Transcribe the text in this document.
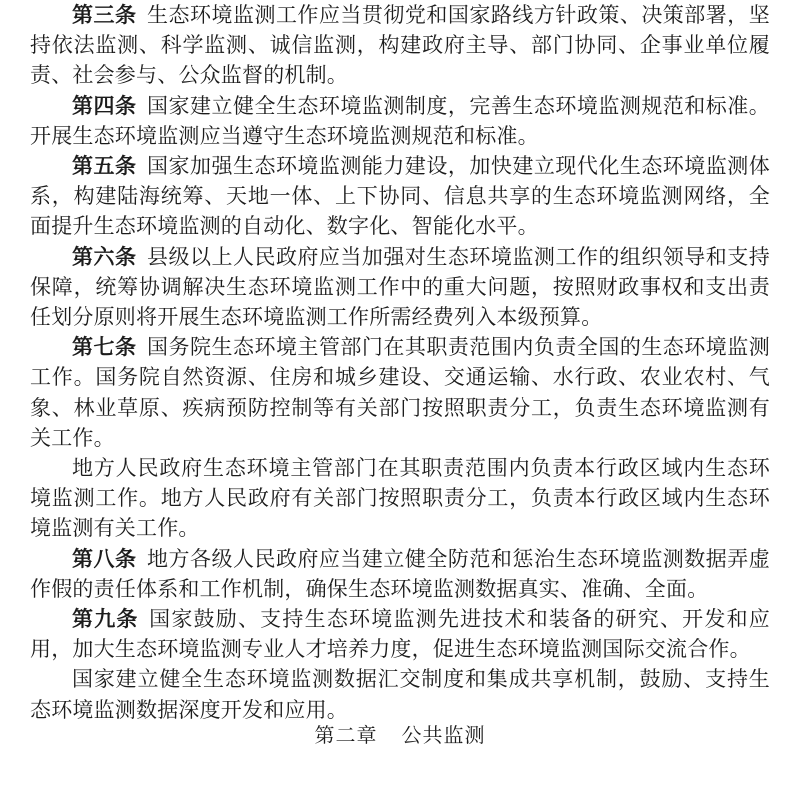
第三条 生态环境监测工作应当贯彻党和国家路线方针政策、决策部署，坚持依法监测、科学监测、诚信监测，构建政府主导、部门协同、企事业单位履责、社会参与、公众监督的机制。

第四条 国家建立健全生态环境监测制度，完善生态环境监测规范和标准。开展生态环境监测应当遵守生态环境监测规范和标准。

第五条 国家加强生态环境监测能力建设，加快建立现代化生态环境监测体系，构建陆海统筹、天地一体、上下协同、信息共享的生态环境监测网络，全面提升生态环境监测的自动化、数字化、智能化水平。

第六条 县级以上人民政府应当加强对生态环境监测工作的组织领导和支持保障，统筹协调解决生态环境监测工作中的重大问题，按照财政事权和支出责任划分原则将开展生态环境监测工作所需经费列入本级预算。

第七条 国务院生态环境主管部门在其职责范围内负责全国的生态环境监测工作。国务院自然资源、住房和城乡建设、交通运输、水行政、农业农村、气象、林业草原、疾病预防控制等有关部门按照职责分工，负责生态环境监测有关工作。

地方人民政府生态环境主管部门在其职责范围内负责本行政区域内生态环境监测工作。地方人民政府有关部门按照职责分工，负责本行政区域内生态环境监测有关工作。

第八条 地方各级人民政府应当建立健全防范和惩治生态环境监测数据弄虚作假的责任体系和工作机制，确保生态环境监测数据真实、准确、全面。

第九条 国家鼓励、支持生态环境监测先进技术和装备的研究、开发和应用，加大生态环境监测专业人才培养力度，促进生态环境监测国际交流合作。

国家建立健全生态环境监测数据汇交制度和集成共享机制，鼓励、支持生态环境监测数据深度开发和应用。

第二章 公共监测
